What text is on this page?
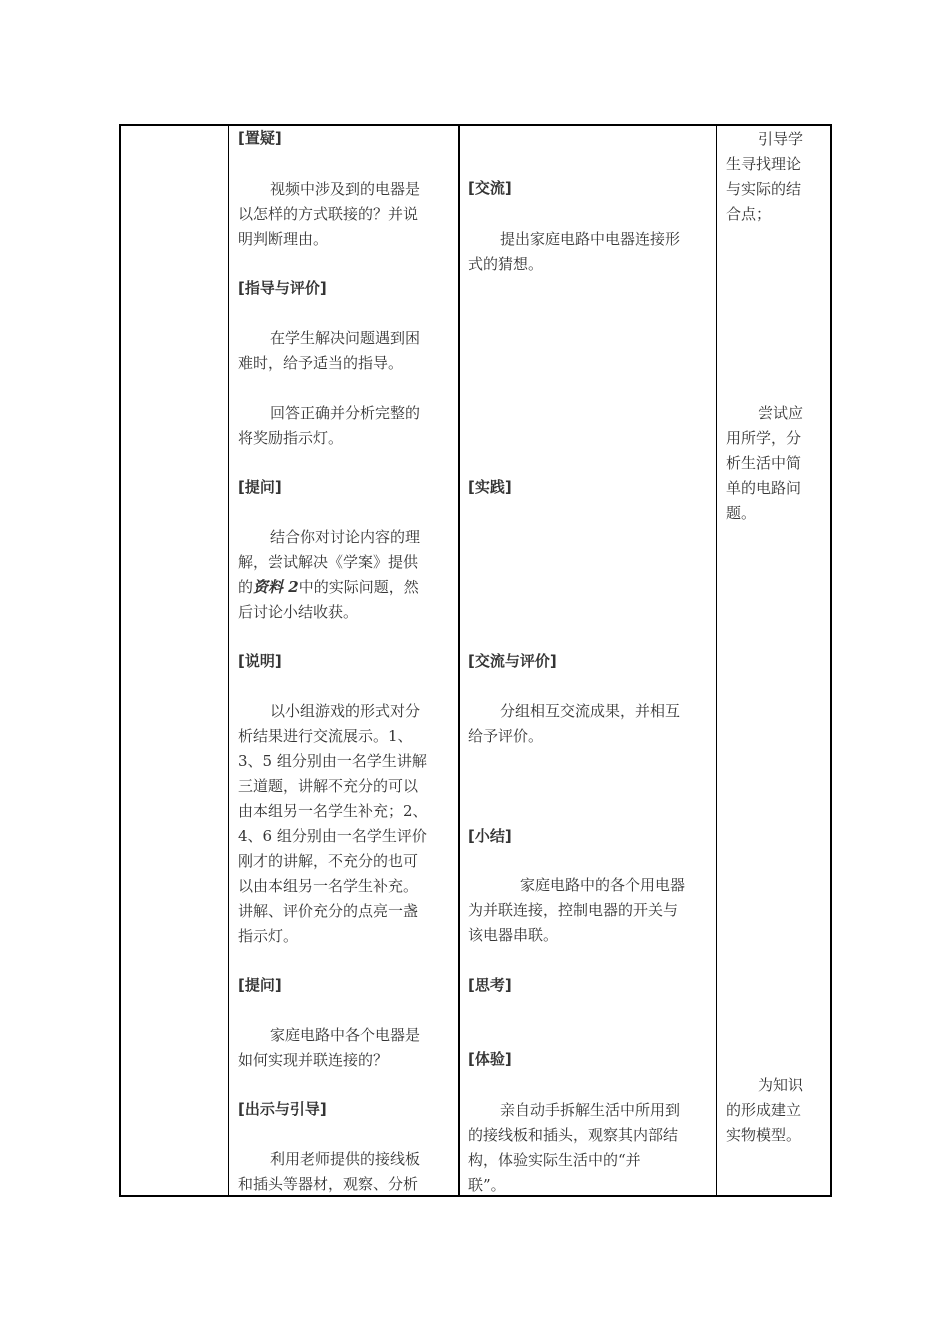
[置疑]

视频中涉及到的电器是

以怎样的方式联接的？并说

明判断理由。

[指导与评价]

在学生解决问题遇到困

难时，给予适当的指导。

回答正确并分析完整的

将奖励指示灯。

[提问]

结合你对讨论内容的理

解，尝试解决《学案》提供

的资料 2中的实际问题，然

后讨论小结收获。

[说明]

以小组游戏的形式对分

析结果进行交流展示。1、

3、5 组分别由一名学生讲解

三道题，讲解不充分的可以

由本组另一名学生补充；2、

4、6 组分别由一名学生评价

刚才的讲解，不充分的也可

以由本组另一名学生补充。

讲解、评价充分的点亮一盏

指示灯。

[提问]

家庭电路中各个电器是

如何实现并联连接的？

[出示与引导]

利用老师提供的接线板

和插头等器材，观察、分析

[交流]

提出家庭电路中电器连接形

式的猜想。

[实践]

[交流与评价]

分组相互交流成果，并相互

给予评价。

[小结]

家庭电路中的各个用电器

为并联连接，控制电器的开关与

该电器串联。

[思考]

[体验]

亲自动手拆解生活中所用到

的接线板和插头，观察其内部结

构，体验实际生活中的“并

联”。

引导学

生寻找理论

与实际的结

合点；

尝试应

用所学，分

析生活中简

单的电路问

题。

为知识

的形成建立

实物模型。
